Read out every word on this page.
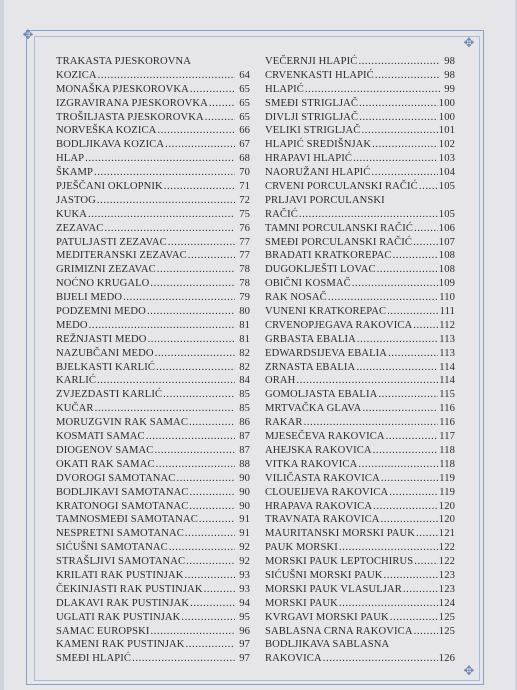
✥
✥
✥
TRAKASTA PJESKOROVNA
KOZICA .....	64
MONAŠKA PJESKOROVKA .....	65
IZGRAVIRANA PJESKOROVKA .....	65
TROŠILJASTA PJESKOROVKA .....	65
NORVEŠKA KOZICA .....	66
BODLJIKAVA KOZICA .....	67
HLAP .....	68
ŠKAMP .....	70
PJEŠČANI OKLOPNIK .....	71
JASTOG .....	72
KUKA .....	75
ZEZAVAC .....	76
PATULJASTI ZEZAVAC .....	77
MEDITERANSKI ZEZAVAC .....	77
GRIMIZNI ZEZAVAC .....	78
NOĆNO KRUGALO .....	78
BIJELI MEDO .....	79
PODZEMNI MEDO .....	80
MEDO .....	81
REŽNJASTI MEDO .....	81
NAZUBČANI MEDO .....	82
BJELKASTI KARLIĆ .....	82
KARLIĆ .....	84
ZVJEZDASTI KARLIĆ .....	85
KUČAR .....	85
MORUZGVIN RAK SAMAC .....	86
KOSMATI SAMAC .....	87
DIOGENOV SAMAC .....	87
OKATI RAK SAMAC .....	88
DVOROGI SAMOTANAC .....	90
BODLJIKAVI SAMOTANAC .....	90
KRATONOGI SAMOTANAC .....	90
TAMNOSMEĐI SAMOTANAC .....	91
NESPRETNI SAMOTANAC .....	91
SIĆUŠNI SAMOTANAC .....	92
STRAŠLJIVI SAMOTANAC .....	92
KRILATI RAK PUSTINJAK .....	93
ČEKINJASTI RAK PUSTINJAK .....	93
DLAKAVI RAK PUSTINJAK .....	94
UGLATI RAK PUSTINJAK .....	95
SAMAC EUROPSKI .....	96
KAMENI RAK PUSTINJAK .....	97
SMEĐI HLAPIĆ .....	97
VEČERNJI HLAPIĆ .....	98
CRVENKASTI HLAPIĆ .....	98
HLAPIĆ .....	99
SMEĐI STRIGLJAČ .....	100
DIVLJI STRIGLJAČ .....	100
VELIKI STRIGLJAČ .....	101
HLAPIĆ SREDIŠNJAK .....	102
HRAPAVI HLAPIĆ .....	103
NAORUŽANI HLAPIĆ .....	104
CRVENI PORCULANSKI RAČIĆ ..... 105
PRLJAVI PORCULANSKI
RAČIĆ .....	105
TAMNI PORCULANSKI RAČIĆ ..... 106
SMEĐI PORCULANSKI RAČIĆ .....	107
BRADATI KRATKOREPAC .....	108
DUGOKLJEŠTI LOVAC .....	108
OBIČNI KOSMAČ .....	109
RAK NOSAČ .....	110
VUNENI KRATKOREPAC .....	111
CRVENOPJEGAVA RAKOVICA .....	112
GRBASTA EBALIA .....	113
EDWARDSIJEVA EBALIA .....	113
ZRNASTA EBALIA .....	114
ORAH .....	114
GOMOLJASTA EBALIA .....	115
MRTVAČKA GLAVA .....	116
RAKAR .....	116
MJESEČEVA RAKOVICA .....	117
AHEJSKA RAKOVICA .....	118
VITKA RAKOVICA .....	118
VILIČASTA RAKOVICA .....	119
CLOUEIJEVA RAKOVICA .....	119
HRAPAVA RAKOVICA .....	120
TRAVNATA RAKOVICA .....	120
MAURITANSKI MORSKI PAUK ..... 121
PAUK MORSKI .....	122
MORSKI PAUK LEPTOCHIRUS ..... 122
SIĆUŠNI MORSKI PAUK .....	123
MORSKI PAUK VLASULJAR .....	123
MORSKI PAUK .....	124
KVRGAVI MORSKI PAUK .....	125
SABLASNA CRNA RAKOVICA ..... 125
BODLJIKAVA SABLASNA
RAKOVICA .....	126
